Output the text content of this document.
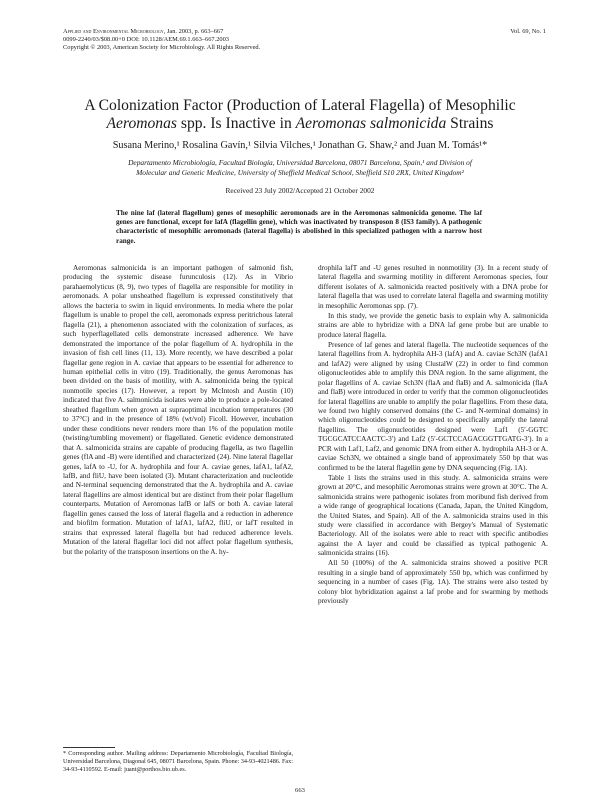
Applied and Environmental Microbiology, Jan. 2003, p. 663–667
0099-2240/03/$08.00+0 DOI: 10.1128/AEM.69.1.663–667.2003
Copyright © 2003, American Society for Microbiology. All Rights Reserved.
Vol. 69, No. 1
A Colonization Factor (Production of Lateral Flagella) of Mesophilic
Aeromonas spp. Is Inactive in Aeromonas salmonicida Strains
Susana Merino,¹ Rosalina Gavín,¹ Silvia Vilches,¹ Jonathan G. Shaw,² and Juan M. Tomás¹*
Departamento Microbiología, Facultad Biología, Universidad Barcelona, 08071 Barcelona, Spain,¹ and Division of
Molecular and Genetic Medicine, University of Sheffield Medical School, Sheffield S10 2RX, United Kingdom²
Received 23 July 2002/Accepted 21 October 2002
The nine laf (lateral flagellum) genes of mesophilic aeromonads are in the Aeromonas salmonicida genome. The laf genes are functional, except for lafA (flagellin gene), which was inactivated by transposon 8 (IS3 family). A pathogenic characteristic of mesophilic aeromonads (lateral flagella) is abolished in this specialized pathogen with a narrow host range.

Aeromonas salmonicida is an important pathogen of salmonid fish, producing the systemic disease furunculosis (12). As in Vibrio parahaemolyticus (8, 9), two types of flagella are responsible for motility in aeromonads. A polar unsheathed flagellum is expressed constitutively that allows the bacteria to swim in liquid environments. In media where the polar flagellum is unable to propel the cell, aeromonads express peritrichous lateral flagella (21), a phenomenon associated with the colonization of surfaces, as such hyperflagellated cells demonstrate increased adherence. We have demonstrated the importance of the polar flagellum of A. hydrophila in the invasion of fish cell lines (11, 13). More recently, we have described a polar flagellar gene region in A. caviae that appears to be essential for adherence to human epithelial cells in vitro (19). Traditionally, the genus Aeromonas has been divided on the basis of motility, with A. salmonicida being the typical nonmotile species (17). However, a report by McIntosh and Austin (10) indicated that five A. salmonicida isolates were able to produce a pole-located sheathed flagellum when grown at supraoptimal incubation temperatures (30 to 37°C) and in the presence of 18% (wt/vol) Ficoll. However, incubation under these conditions never renders more than 1% of the population motile (twisting/tumbling movement) or flagellated. Genetic evidence demonstrated that A. salmonicida strains are capable of producing flagella, as two flagellin genes (flA and -B) were identified and characterized (24). Nine lateral flagellar genes, lafA to -U, for A. hydrophila and four A. caviae genes, lafA1, lafA2, lafB, and fliU, have been isolated (3). Mutant characterization and nucleotide and N-terminal sequencing demonstrated that the A. hydrophila and A. caviae lateral flagellins are almost identical but are distinct from their polar flagellum counterparts. Mutation of Aeromonas lafB or lafS or both A. caviae lateral flagellin genes caused the loss of lateral flagella and a reduction in adherence and biofilm formation. Mutation of lafA1, lafA2, fliU, or lafT resulted in strains that expressed lateral flagella but had reduced adherence levels. Mutation of the lateral flagellar loci did not affect polar flagellum synthesis, but the polarity of the transposon insertions on the A. hy-

drophila lafT and -U genes resulted in nonmotility (3). In a recent study of lateral flagella and swarming motility in different Aeromonas species, four different isolates of A. salmonicida reacted positively with a DNA probe for lateral flagella that was used to correlate lateral flagella and swarming motility in mesophilic Aeromonas spp. (7).

In this study, we provide the genetic basis to explain why A. salmonicida strains are able to hybridize with a DNA laf gene probe but are unable to produce lateral flagella.

Presence of laf genes and lateral flagella. The nucleotide sequences of the lateral flagellins from A. hydrophila AH-3 (lafA) and A. caviae Sch3N (lafA1 and lafA2) were aligned by using ClustalW (22) in order to find common oligonucleotides able to amplify this DNA region. In the same alignment, the polar flagellins of A. caviae Sch3N (flaA and flaB) and A. salmonicida (flaA and flaB) were introduced in order to verify that the common oligonucleotides for lateral flagellins are unable to amplify the polar flagellins. From these data, we found two highly conserved domains (the C- and N-terminal domains) in which oligonucleotides could be designed to specifically amplify the lateral flagellins. The oligonucleotides designed were Laf1 (5′-GGTC TGCGCATCCAACTC-3′) and Laf2 (5′-GCTCCAGACGGTTGATG-3′). In a PCR with Laf1, Laf2, and genomic DNA from either A. hydrophila AH-3 or A. caviae Sch3N, we obtained a single band of approximately 550 bp that was confirmed to be the lateral flagellin gene by DNA sequencing (Fig. 1A).

Table 1 lists the strains used in this study. A. salmonicida strains were grown at 20°C, and mesophilic Aeromonas strains were grown at 30°C. The A. salmonicida strains were pathogenic isolates from moribund fish derived from a wide range of geographical locations (Canada, Japan, the United Kingdom, the United States, and Spain). All of the A. salmonicida strains used in this study were classified in accordance with Bergey's Manual of Systematic Bacteriology. All of the isolates were able to react with specific antibodies against the A layer and could be classified as typical pathogenic A. salmonicida strains (16).

All 50 (100%) of the A. salmonicida strains showed a positive PCR resulting in a single band of approximately 550 bp, which was confirmed by sequencing in a number of cases (Fig. 1A). The strains were also tested by colony blot hybridization against a laf probe and for swarming by methods previously

* Corresponding author. Mailing address: Departamento Microbiología, Facultad Biología, Universidad Barcelona, Diagonal 645, 08071 Barcelona, Spain. Phone: 34-93-4021486. Fax: 34-93-4110592. E-mail: juant@porthos.bio.ub.es.
663
